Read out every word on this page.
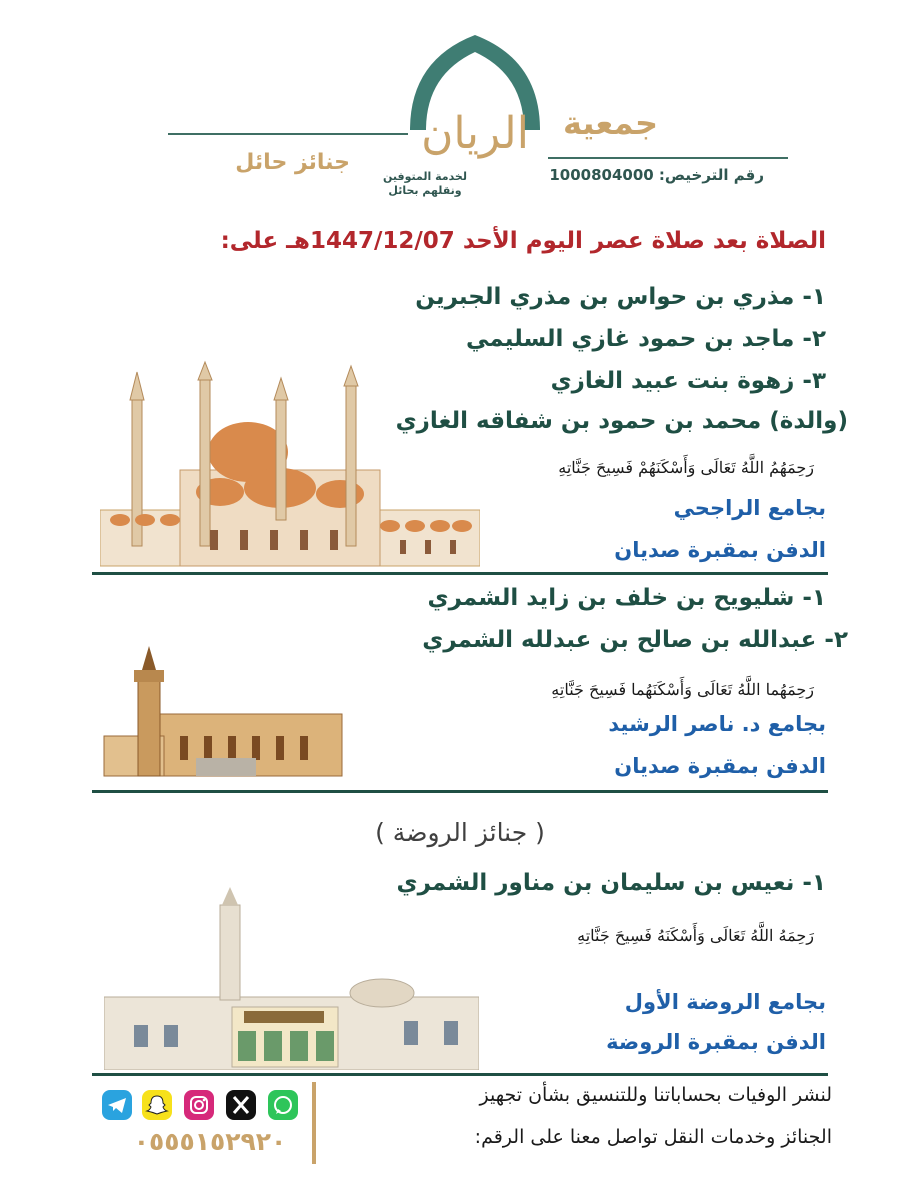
الريان	جمعية
رقم الترخيص: 1000804000
لخدمة المتوفين
ونقلهم بحائل
جنائز حائل
الصلاة بعد صلاة عصر اليوم الأحد 1447/12/07هـ على:
١- مذري بن حواس بن مذري الجبرين
٢- ماجد بن حمود غازي السليمي
٣- زهوة بنت عبيد الغازي
(والدة) محمد بن حمود بن شفاقه الغازي
رَحِمَهُمُ اللَّهُ تَعَالَى وَأَسْكَنَهُمْ فَسِيحَ جَنَّاتِهِ
بجامع الراجحي
الدفن بمقبرة صديان
١- شليويح بن خلف بن زايد الشمري
٢- عبدالله بن صالح بن عبدلله الشمري
رَحِمَهُما اللَّهُ تَعَالَى وَأَسْكَنَهُما فَسِيحَ جَنَّاتِهِ
بجامع د. ناصر الرشيد
الدفن بمقبرة صديان
( جنائز الروضة )
١- نعيس بن سليمان بن مناور الشمري
رَحِمَهُ اللَّهُ تَعَالَى وَأَسْكَنَهُ فَسِيحَ جَنَّاتِهِ
بجامع الروضة الأول
الدفن بمقبرة الروضة
لنشر الوفيات بحساباتنا وللتنسيق بشأن تجهيز
الجنائز وخدمات النقل تواصل معنا على الرقم:
٠٥٥٥١٥٢٩٢٠
